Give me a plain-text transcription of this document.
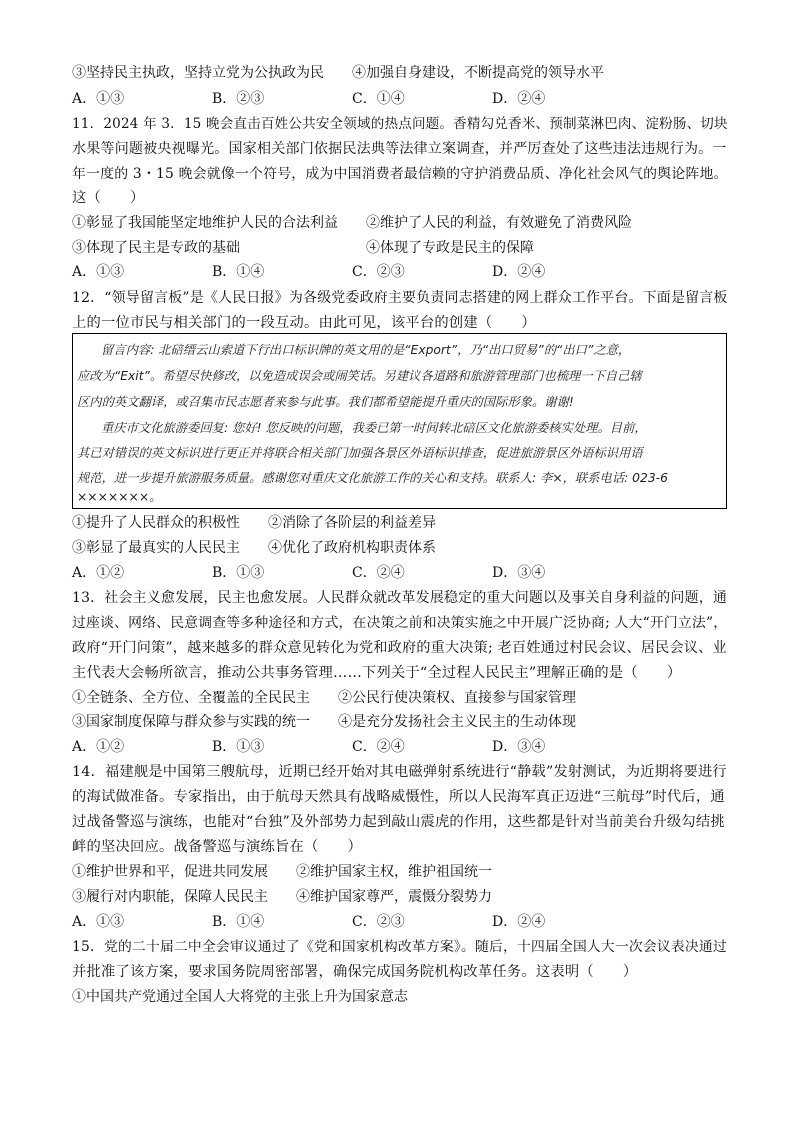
③坚持民主执政，坚持立党为公执政为民 ④加强自身建设，不断提高党的领导水平
A．①③	B．②③	C．①④	D．②④
11．2024 年 3．15 晚会直击百姓公共安全领域的热点问题。香精勾兑香米、预制菜淋巴肉、淀粉肠、切块
水果等问题被央视曝光。国家相关部门依据民法典等法律立案调查，并严厉查处了这些违法违规行为。一
年一度的 3・15 晚会就像一个符号，成为中国消费者最信赖的守护消费品质、净化社会风气的舆论阵地。
这（　　）
①彰显了我国能坚定地维护人民的合法利益 ②维护了人民的利益，有效避免了消费风险
③体现了民主是专政的基础	④体现了专政是民主的保障
A．①③	B．①④	C．②③	D．②④
12．“领导留言板”是《人民日报》为各级党委政府主要负责同志搭建的网上群众工作平台。下面是留言板
上的一位市民与相关部门的一段互动。由此可见，该平台的创建（　　）
留言内容: 北碚缙云山索道下行出口标识牌的英文用的是“Export”，乃“出口贸易”的“出口”之意，
应改为“Exit”。希望尽快修改，以免造成误会或闹笑话。另建议各道路和旅游管理部门也梳理一下自己辖
区内的英文翻译，或召集市民志愿者来参与此事。我们都希望能提升重庆的国际形象。谢谢!
重庆市文化旅游委回复: 您好! 您反映的问题，我委已第一时间转北碚区文化旅游委核实处理。目前，
其已对错误的英文标识进行更正并将联合相关部门加强各景区外语标识排查，促进旅游景区外语标识用语
规范，进一步提升旅游服务质量。感谢您对重庆文化旅游工作的关心和支持。联系人: 李×，联系电话: 023-6
×××××××。
①提升了人民群众的积极性　　②消除了各阶层的利益差异
③彰显了最真实的人民民主　　④优化了政府机构职责体系
A．①②	B．①③	C．②④	D．③④
13．社会主义愈发展，民主也愈发展。人民群众就改革发展稳定的重大问题以及事关自身利益的问题，通
过座谈、网络、民意调查等多种途径和方式，在决策之前和决策实施之中开展广泛协商; 人大“开门立法”，
政府“开门问策”，越来越多的群众意见转化为党和政府的重大决策; 老百姓通过村民会议、居民会议、业
主代表大会畅所欲言，推动公共事务管理……下列关于“全过程人民民主”理解正确的是（　　）
①全链条、全方位、全覆盖的全民民主　　②公民行使决策权、直接参与国家管理
③国家制度保障与群众参与实践的统一　　④是充分发扬社会主义民主的生动体现
A．①②	B．①③	C．②④	D．③④
14．福建舰是中国第三艘航母，近期已经开始对其电磁弹射系统进行“静载”发射测试，为近期将要进行
的海试做准备。专家指出，由于航母天然具有战略威慑性，所以人民海军真正迈进“三航母”时代后，通
过战备警巡与演练，也能对“台独”及外部势力起到敲山震虎的作用，这些都是针对当前美台升级勾结挑
衅的坚决回应。战备警巡与演练旨在（　　）
①维护世界和平，促进共同发展　　②维护国家主权，维护祖国统一
③履行对内职能，保障人民民主　　④维护国家尊严，震慑分裂势力
A．①③	B．①④	C．②③	D．②④
15．党的二十届二中全会审议通过了《党和国家机构改革方案》。随后，十四届全国人大一次会议表决通过
并批准了该方案，要求国务院周密部署，确保完成国务院机构改革任务。这表明（　　）
①中国共产党通过全国人大将党的主张上升为国家意志
